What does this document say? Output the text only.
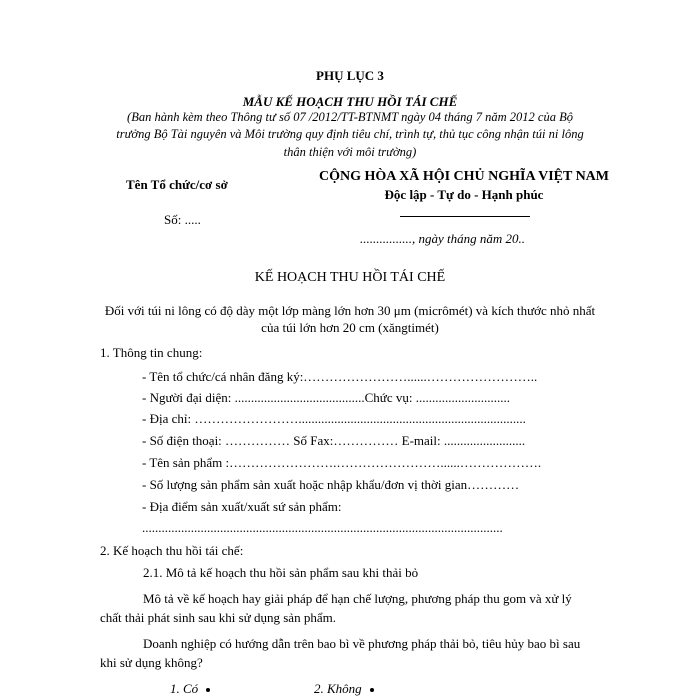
PHỤ LỤC 3
MẪU KẾ HOẠCH THU HỒI TÁI CHẾ
(Ban hành kèm theo Thông tư số 07 /2012/TT-BTNMT ngày 04 tháng 7 năm 2012 của Bộ
trưởng Bộ Tài nguyên và Môi trường quy định tiêu chí, trình tự, thủ tục công nhận túi ni lông
thân thiện với môi trường)
Tên Tổ chức/cơ sở
Số: .....
CỘNG HÒA XÃ HỘI CHỦ NGHĨA VIỆT NAM
Độc lập - Tự do - Hạnh phúc
................, ngày tháng năm 20..
KẾ HOẠCH THU HỒI TÁI CHẾ
Đối với túi ni lông có độ dày một lớp màng lớn hơn 30 μm (micrômét) và kích thước nhỏ nhất
của túi lớn hơn 20 cm (xăngtimét)
1. Thông tin chung:
- Tên tổ chức/cá nhân đăng ký:……………………......……………………..
- Người đại diện: ........................................Chức vụ: .............................
- Địa chỉ: ……………………......................................................................
- Số điện thoại: …………… Số Fax:…………… E-mail: .........................
- Tên sản phẩm :…………………….……………………......……………….
- Số lượng sản phẩm sản xuất hoặc nhập khẩu/đơn vị thời gian…………
- Địa điểm sản xuất/xuất sứ sản phẩm:
...............................................................................................................
2. Kế hoạch thu hồi tái chế:
2.1. Mô tả kế hoạch thu hồi sản phẩm sau khi thải bỏ
Mô tả về kế hoạch hay giải pháp để hạn chế lượng, phương pháp thu gom và xử lý
chất thải phát sinh sau khi sử dụng sản phẩm.
Doanh nghiệp có hướng dẫn trên bao bì về phương pháp thải bỏ, tiêu hủy bao bì sau
khi sử dụng không?
1. Có	2. Không
